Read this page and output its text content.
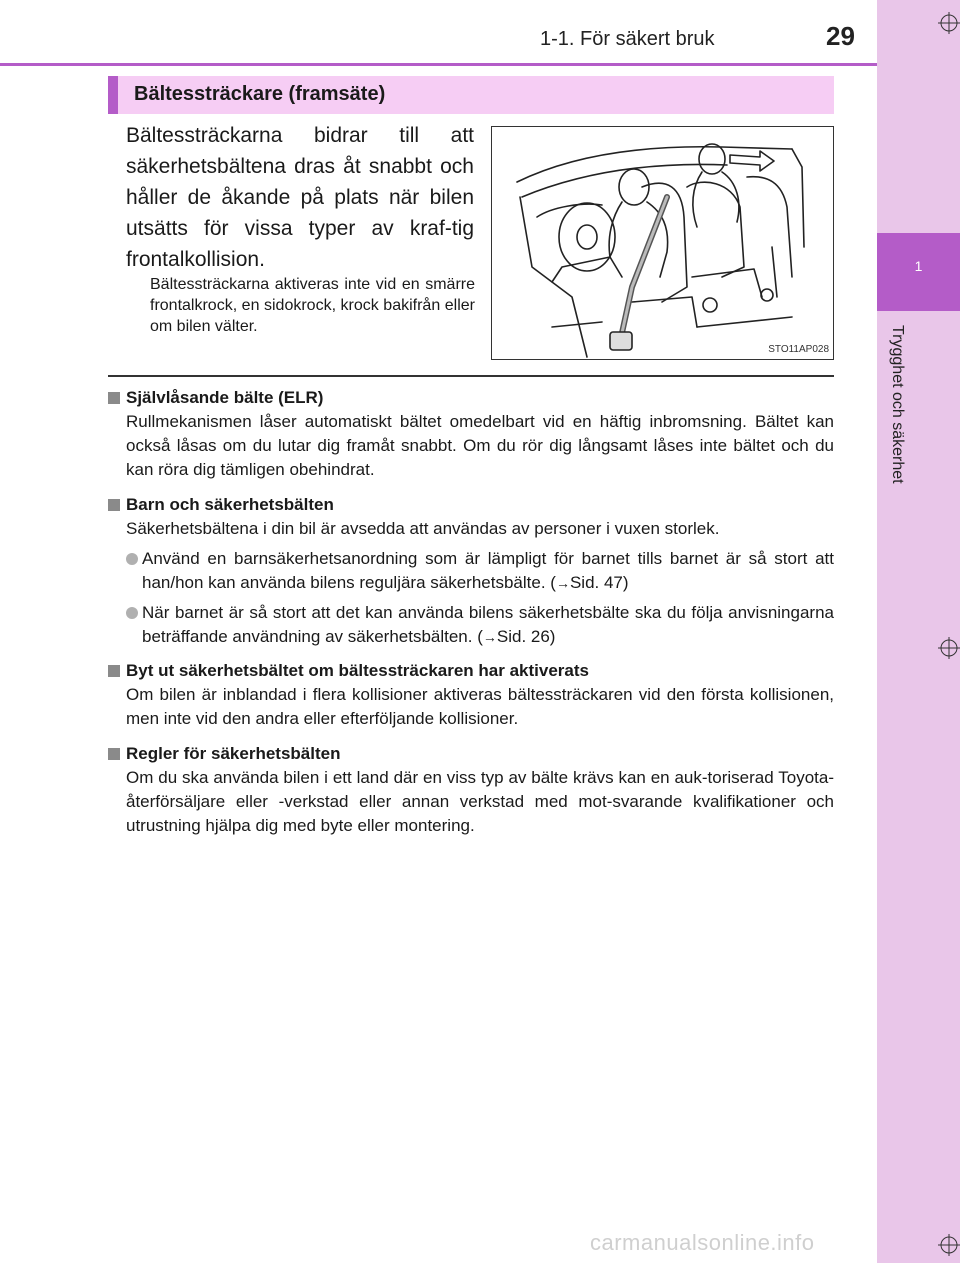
1
Trygghet och säkerhet
1-1. För säkert bruk	29
Bältessträckare (framsäte)
Bältessträckarna bidrar till att säkerhetsbältena dras åt snabbt och håller de åkande på plats när bilen utsätts för vissa typer av kraf-tig frontalkollision.
Bältessträckarna aktiveras inte vid en smärre frontalkrock, en sidokrock, krock bakifrån eller om bilen välter.
STO11AP028
Självlåsande bälte (ELR)
Rullmekanismen låser automatiskt bältet omedelbart vid en häftig inbromsning. Bältet kan också låsas om du lutar dig framåt snabbt. Om du rör dig långsamt låses inte bältet och du kan röra dig tämligen obehindrat.
Barn och säkerhetsbälten
Säkerhetsbältena i din bil är avsedda att användas av personer i vuxen storlek.
Använd en barnsäkerhetsanordning som är lämpligt för barnet tills barnet är så stort att han/hon kan använda bilens reguljära säkerhetsbälte. (→Sid. 47)
När barnet är så stort att det kan använda bilens säkerhetsbälte ska du följa anvisningarna beträffande användning av säkerhetsbälten. (→Sid. 26)
Byt ut säkerhetsbältet om bältessträckaren har aktiverats
Om bilen är inblandad i flera kollisioner aktiveras bältessträckaren vid den första kollisionen, men inte vid den andra eller efterföljande kollisioner.
Regler för säkerhetsbälten
Om du ska använda bilen i ett land där en viss typ av bälte krävs kan en auk-toriserad Toyota-återförsäljare eller -verkstad eller annan verkstad med mot-svarande kvalifikationer och utrustning hjälpa dig med byte eller montering.
carmanualsonline.info
